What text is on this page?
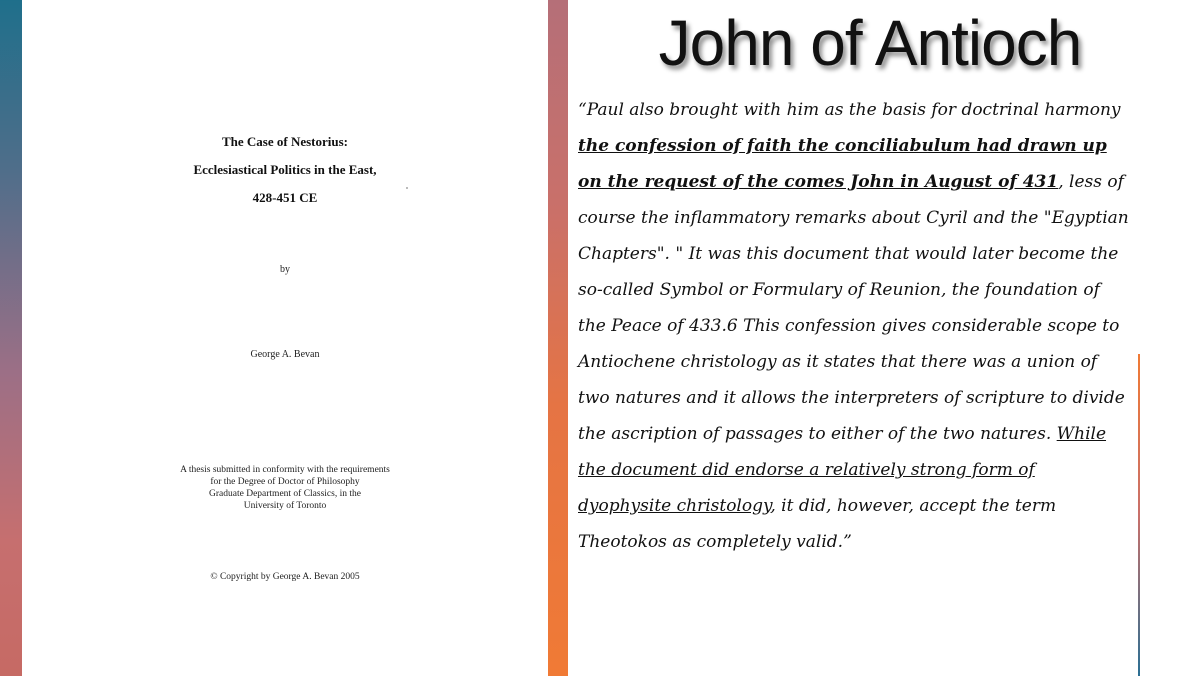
The Case of Nestorius:
Ecclesiastical Politics in the East,
428-451 CE
by
George A. Bevan
A thesis submitted in conformity with the requirements
for the Degree of Doctor of Philosophy
Graduate Department of Classics, in the
University of Toronto
© Copyright by George A. Bevan 2005
John of Antioch
“Paul also brought with him as the basis for doctrinal harmony the confession of faith the conciliabulum had drawn up on the request of the comes John in August of 431, less of course the inflammatory remarks about Cyril and the "Egyptian Chapters". " It was this document that would later become the so-called Symbol or Formulary of Reunion, the foundation of the Peace of 433.6 This confession gives considerable scope to Antiochene christology as it states that there was a union of two natures and it allows the interpreters of scripture to divide the ascription of passages to either of the two natures. While the document did endorse a relatively strong form of dyophysite christology, it did, however, accept the term Theotokos as completely valid.”
